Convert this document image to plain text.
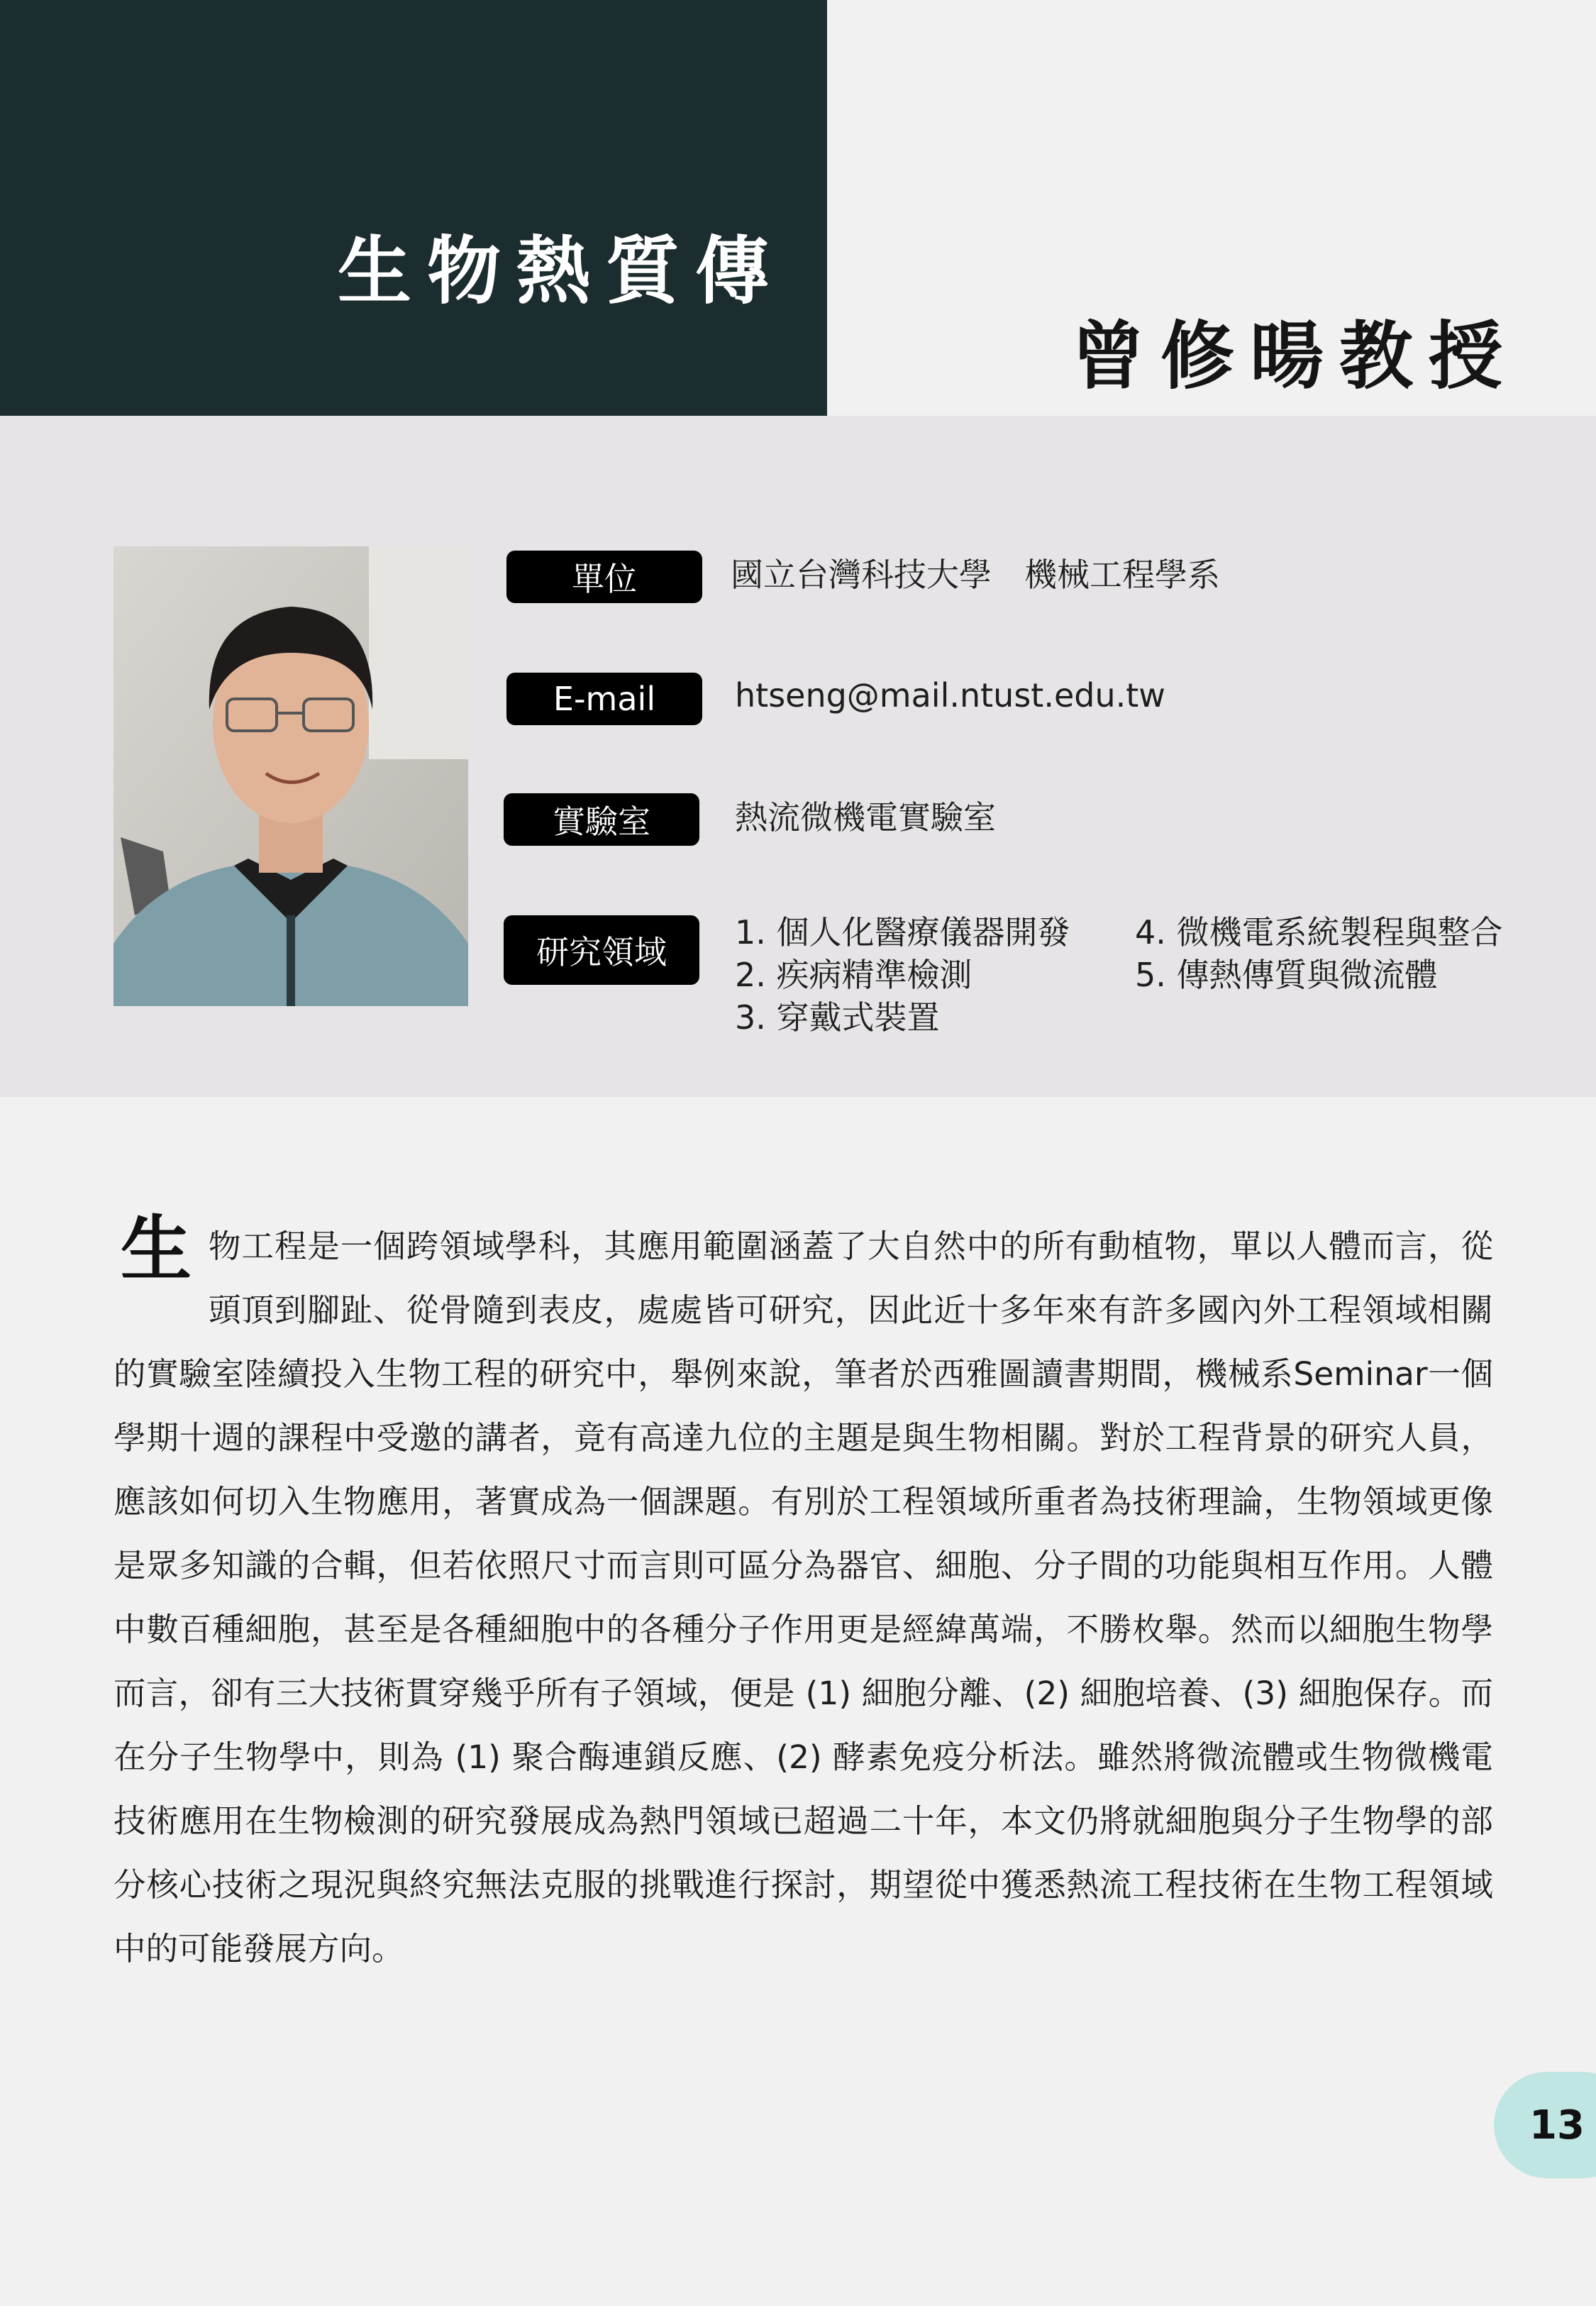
生物熱質傳
曾修暘教授
單位	國立台灣科技大學　機械工程學系
E-mail	htseng@mail.ntust.edu.tw
實驗室	熱流微機電實驗室
研究領域
1. 個人化醫療儀器開發
2. 疾病精準檢測
3. 穿戴式裝置
4. 微機電系統製程與整合
5. 傳熱傳質與微流體
生 物工程是一個跨領域學科，其應用範圍涵蓋了大自然中的所有動植物，單以人體而言，從頭頂到腳趾、從骨隨到表皮，處處皆可研究，因此近十多年來有許多國內外工程領域相關的實驗室陸續投入生物工程的研究中，舉例來說，筆者於西雅圖讀書期間，機械系Seminar一個學期十週的課程中受邀的講者，竟有高達九位的主題是與生物相關。對於工程背景的研究人員，應該如何切入生物應用，著實成為一個課題。有別於工程領域所重者為技術理論，生物領域更像是眾多知識的合輯，但若依照尺寸而言則可區分為器官、細胞、分子間的功能與相互作用。人體中數百種細胞，甚至是各種細胞中的各種分子作用更是經緯萬端，不勝枚舉。然而以細胞生物學而言，卻有三大技術貫穿幾乎所有子領域，便是 (1) 細胞分離、(2) 細胞培養、(3) 細胞保存。而在分子生物學中，則為 (1) 聚合酶連鎖反應、(2) 酵素免疫分析法。雖然將微流體或生物微機電技術應用在生物檢測的研究發展成為熱門領域已超過二十年，本文仍將就細胞與分子生物學的部分核心技術之現況與終究無法克服的挑戰進行探討，期望從中獲悉熱流工程技術在生物工程領域中的可能發展方向。
13
